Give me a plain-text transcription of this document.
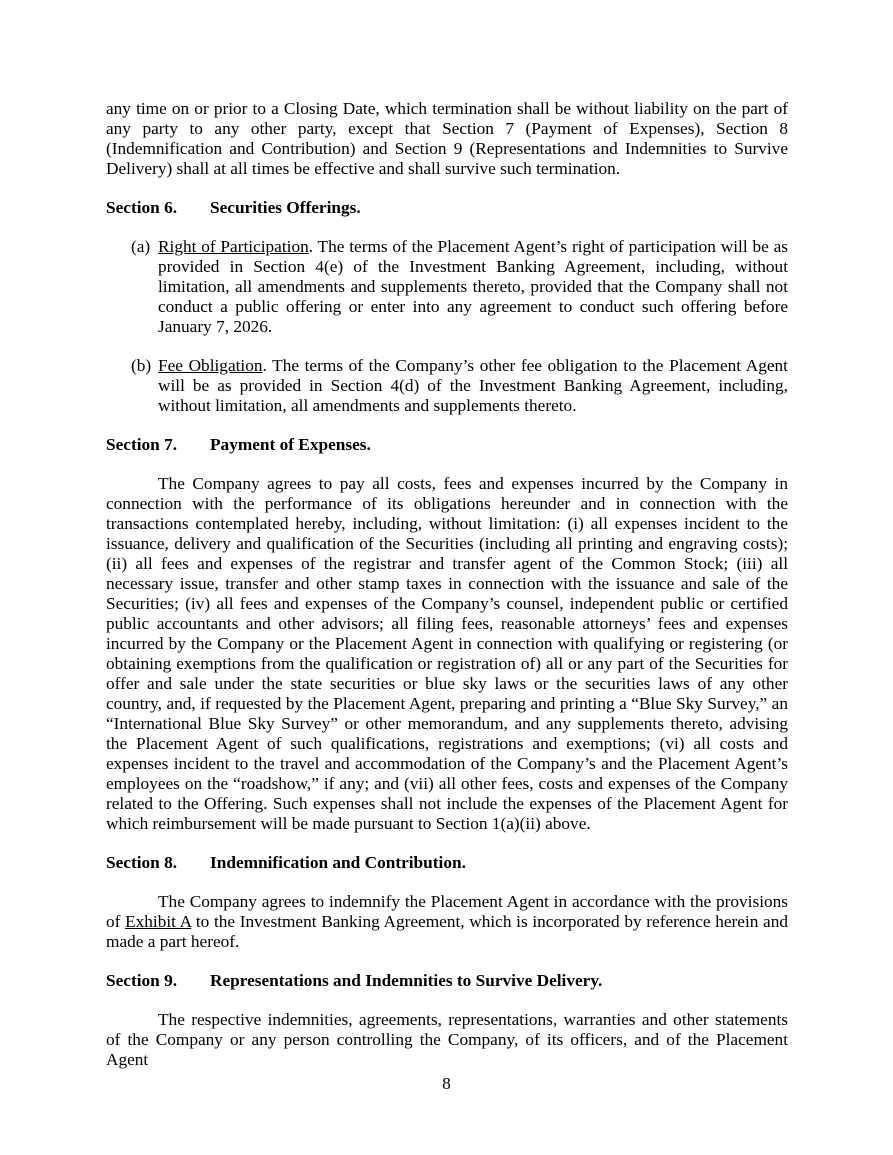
any time on or prior to a Closing Date, which termination shall be without liability on the part of any party to any other party, except that Section 7 (Payment of Expenses), Section 8 (Indemnification and Contribution) and Section 9 (Representations and Indemnities to Survive Delivery) shall at all times be effective and shall survive such termination.

Section 6. Securities Offerings.

(a) Right of Participation. The terms of the Placement Agent’s right of participation will be as provided in Section 4(e) of the Investment Banking Agreement, including, without limitation, all amendments and supplements thereto, provided that the Company shall not conduct a public offering or enter into any agreement to conduct such offering before January 7, 2026.
(b) Fee Obligation. The terms of the Company’s other fee obligation to the Placement Agent will be as provided in Section 4(d) of the Investment Banking Agreement, including, without limitation, all amendments and supplements thereto.

Section 7. Payment of Expenses.

The Company agrees to pay all costs, fees and expenses incurred by the Company in connection with the performance of its obligations hereunder and in connection with the transactions contemplated hereby, including, without limitation: (i) all expenses incident to the issuance, delivery and qualification of the Securities (including all printing and engraving costs); (ii) all fees and expenses of the registrar and transfer agent of the Common Stock; (iii) all necessary issue, transfer and other stamp taxes in connection with the issuance and sale of the Securities; (iv) all fees and expenses of the Company’s counsel, independent public or certified public accountants and other advisors; all filing fees, reasonable attorneys’ fees and expenses incurred by the Company or the Placement Agent in connection with qualifying or registering (or obtaining exemptions from the qualification or registration of) all or any part of the Securities for offer and sale under the state securities or blue sky laws or the securities laws of any other country, and, if requested by the Placement Agent, preparing and printing a “Blue Sky Survey,” an “International Blue Sky Survey” or other memorandum, and any supplements thereto, advising the Placement Agent of such qualifications, registrations and exemptions; (vi) all costs and expenses incident to the travel and accommodation of the Company’s and the Placement Agent’s employees on the “roadshow,” if any; and (vii) all other fees, costs and expenses of the Company related to the Offering. Such expenses shall not include the expenses of the Placement Agent for which reimbursement will be made pursuant to Section 1(a)(ii) above.

Section 8. Indemnification and Contribution.

The Company agrees to indemnify the Placement Agent in accordance with the provisions of Exhibit A to the Investment Banking Agreement, which is incorporated by reference herein and made a part hereof.

Section 9. Representations and Indemnities to Survive Delivery.

The respective indemnities, agreements, representations, warranties and other statements of the Company or any person controlling the Company, of its officers, and of the Placement Agent

8
